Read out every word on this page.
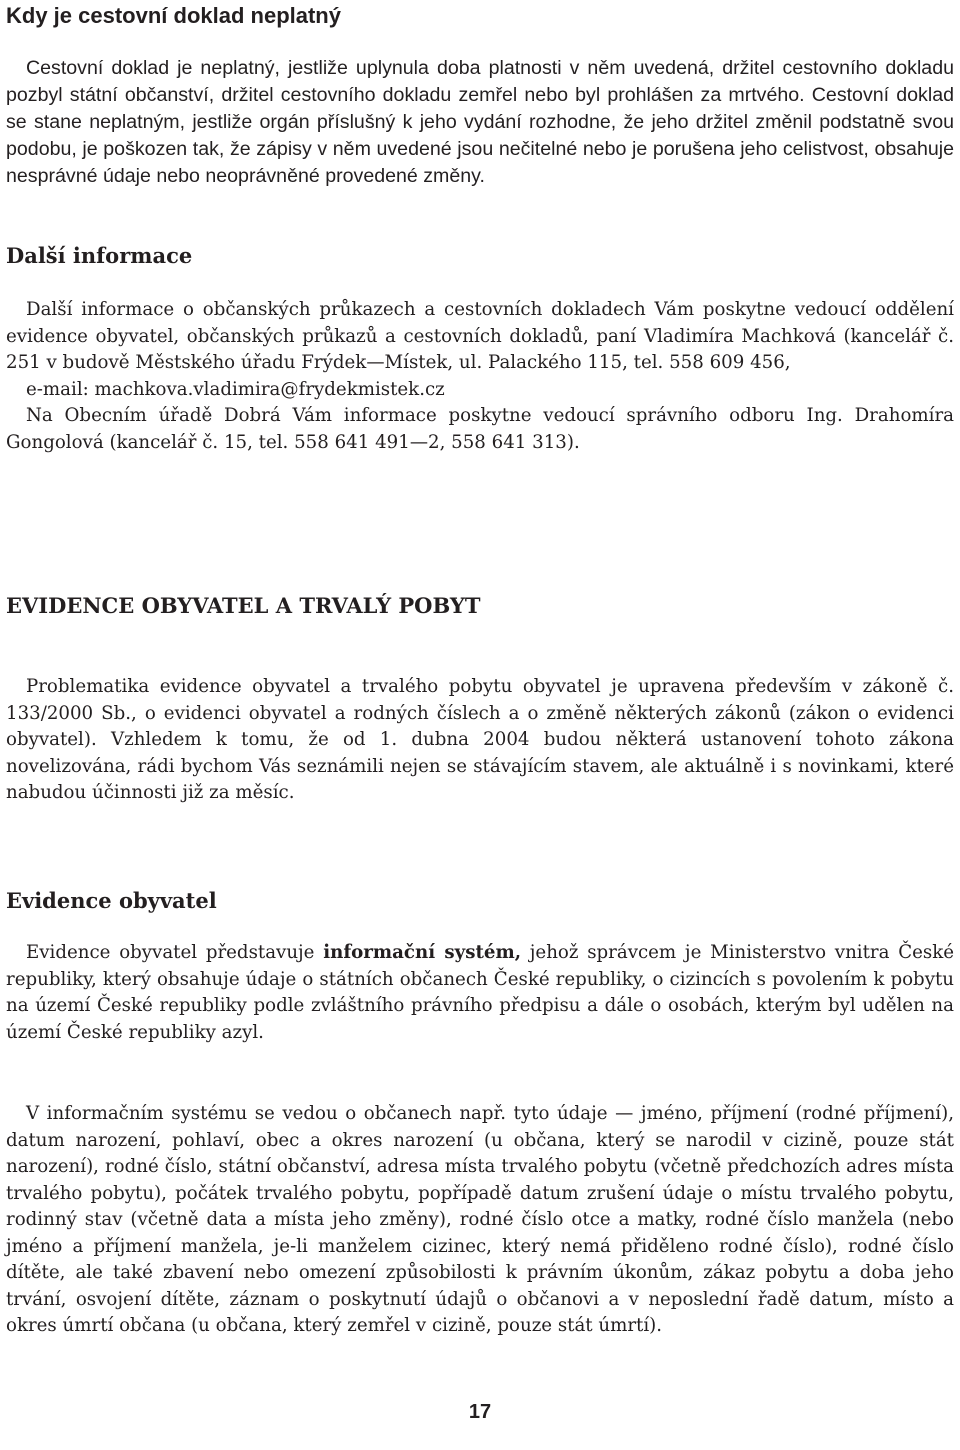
Kdy je cestovní doklad neplatný

Cestovní doklad je neplatný, jestliže uplynula doba platnosti v něm uvedená, držitel cestovního dokladu pozbyl státní občanství, držitel cestovního dokladu zemřel nebo byl prohlášen za mrtvého. Cestovní doklad se stane neplatným, jestliže orgán příslušný k jeho vydání rozhodne, že jeho držitel změnil podstatně svou podobu, je poškozen tak, že zápisy v něm uvedené jsou nečitelné nebo je porušena jeho celistvost, obsahuje nesprávné údaje nebo neoprávněné provedené změny.

Další informace

Další informace o občanských průkazech a cestovních dokladech Vám poskytne vedoucí oddělení evidence obyvatel, občanských průkazů a cestovních dokladů, paní Vladimíra Machková (kancelář č. 251 v budově Městského úřadu Frýdek—Místek, ul. Palackého 115, tel. 558 609 456,

e-mail: machkova.vladimira@frydekmistek.cz

Na Obecním úřadě Dobrá Vám informace poskytne vedoucí správního odboru Ing. Drahomíra Gongolová (kancelář č. 15, tel. 558 641 491—2, 558 641 313).

EVIDENCE OBYVATEL A TRVALÝ POBYT

Problematika evidence obyvatel a trvalého pobytu obyvatel je upravena především v zákoně č. 133/2000 Sb., o evidenci obyvatel a rodných číslech a o změně některých zákonů (zákon o evidenci obyvatel). Vzhledem k tomu, že od 1. dubna 2004 budou některá ustanovení tohoto zákona novelizována, rádi bychom Vás seznámili nejen se stávajícím stavem, ale aktuálně i s novinkami, které nabudou účinnosti již za měsíc.

Evidence obyvatel

Evidence obyvatel představuje informační systém, jehož správcem je Ministerstvo vnitra České republiky, který obsahuje údaje o státních občanech České republiky, o cizincích s povolením k pobytu na území České republiky podle zvláštního právního předpisu a dále o osobách, kterým byl udělen na území České republiky azyl.

V informačním systému se vedou o občanech např. tyto údaje — jméno, příjmení (rodné příjmení), datum narození, pohlaví, obec a okres narození (u občana, který se narodil v cizině, pouze stát narození), rodné číslo, státní občanství, adresa místa trvalého pobytu (včetně předchozích adres místa trvalého pobytu), počátek trvalého pobytu, popřípadě datum zrušení údaje o místu trvalého pobytu, rodinný stav (včetně data a místa jeho změny), rodné číslo otce a matky, rodné číslo manžela (nebo jméno a příjmení manžela, je-li manželem cizinec, který nemá přiděleno rodné číslo), rodné číslo dítěte, ale také zbavení nebo omezení způsobilosti k právním úkonům, zákaz pobytu a doba jeho trvání, osvojení dítěte, záznam o poskytnutí údajů o občanovi a v neposlední řadě datum, místo a okres úmrtí občana (u občana, který zemřel v cizině, pouze stát úmrtí).

17
